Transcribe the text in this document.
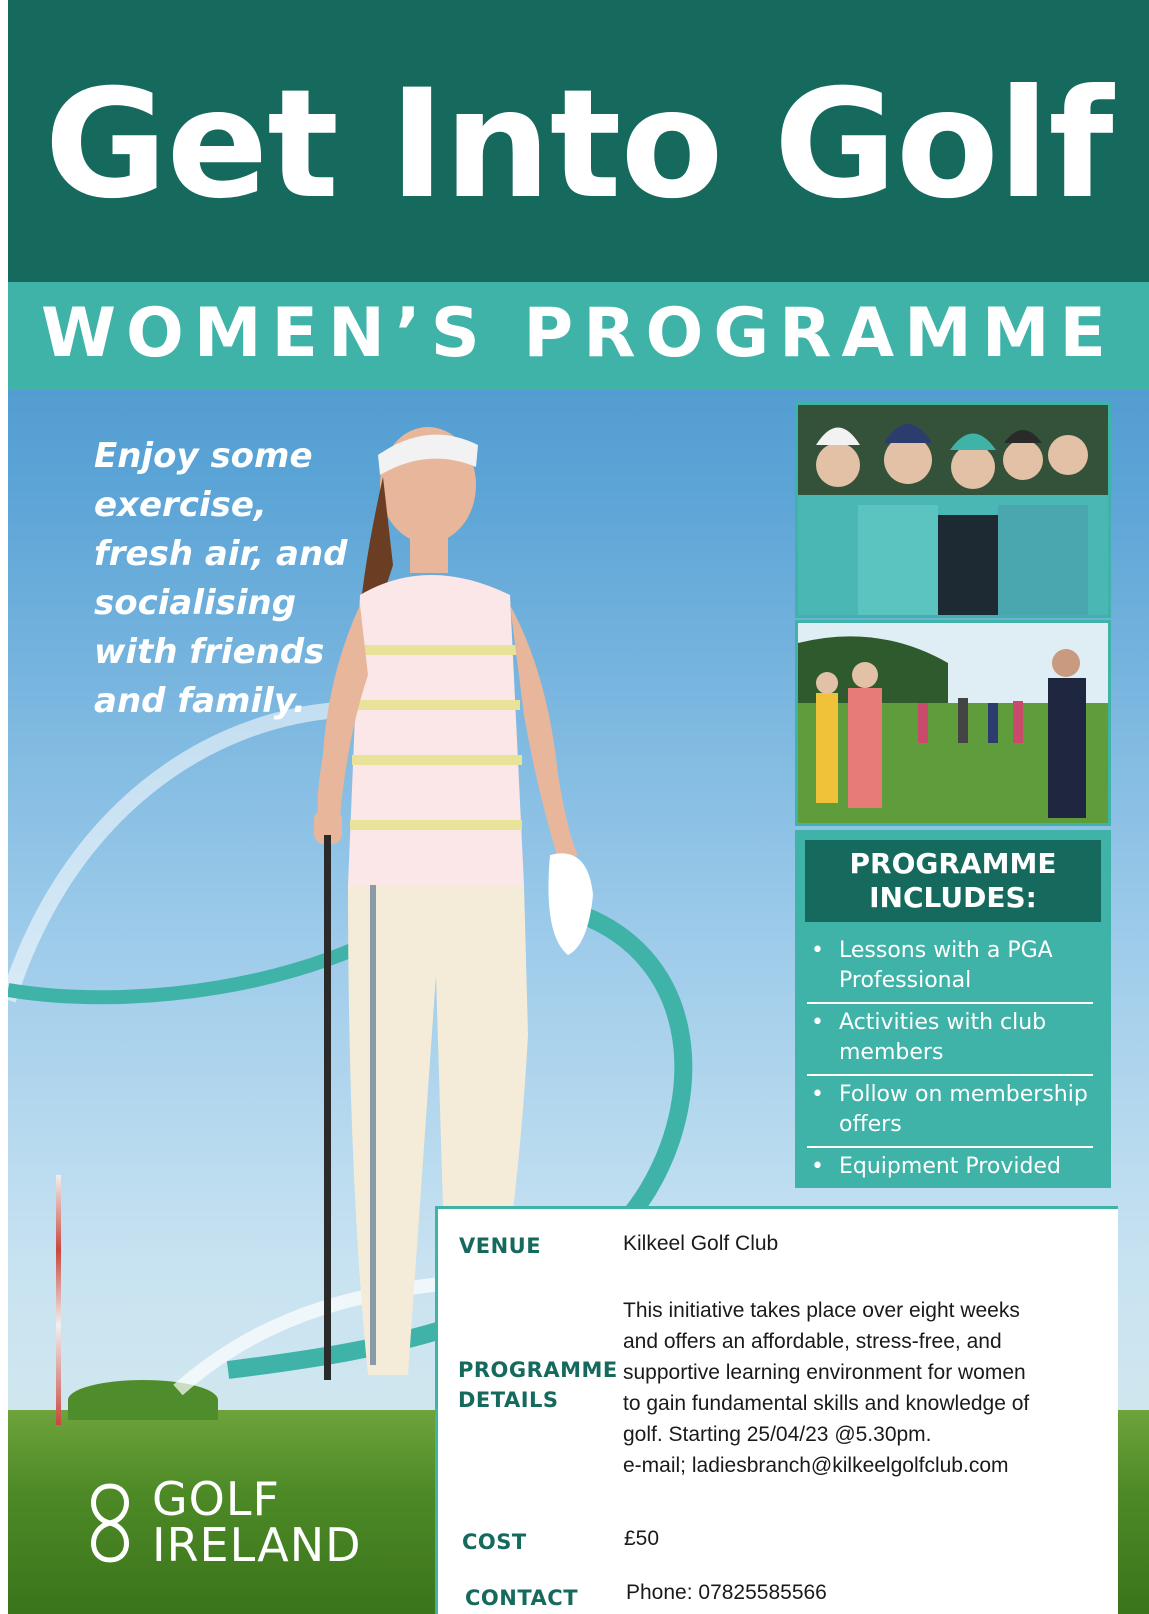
Get Into Golf
WOMEN’S PROGRAMME
Enjoy some exercise, fresh air, and socialising with friends and family.
PROGRAMME
INCLUDES:
• Lessons with a PGA Professional
• Activities with club members
• Follow on membership offers
• Equipment Provided
VENUE	Kilkeel Golf Club
PROGRAMME
DETAILS
This initiative takes place over eight weeks
and offers an affordable, stress-free, and
supportive learning environment for women
to gain fundamental skills and knowledge of
golf. Starting 25/04/23 @5.30pm.
e-mail; ladiesbranch@kilkeelgolfclub.com
COST	£50
CONTACT Phone: 07825585566
GOLF
IRELAND
